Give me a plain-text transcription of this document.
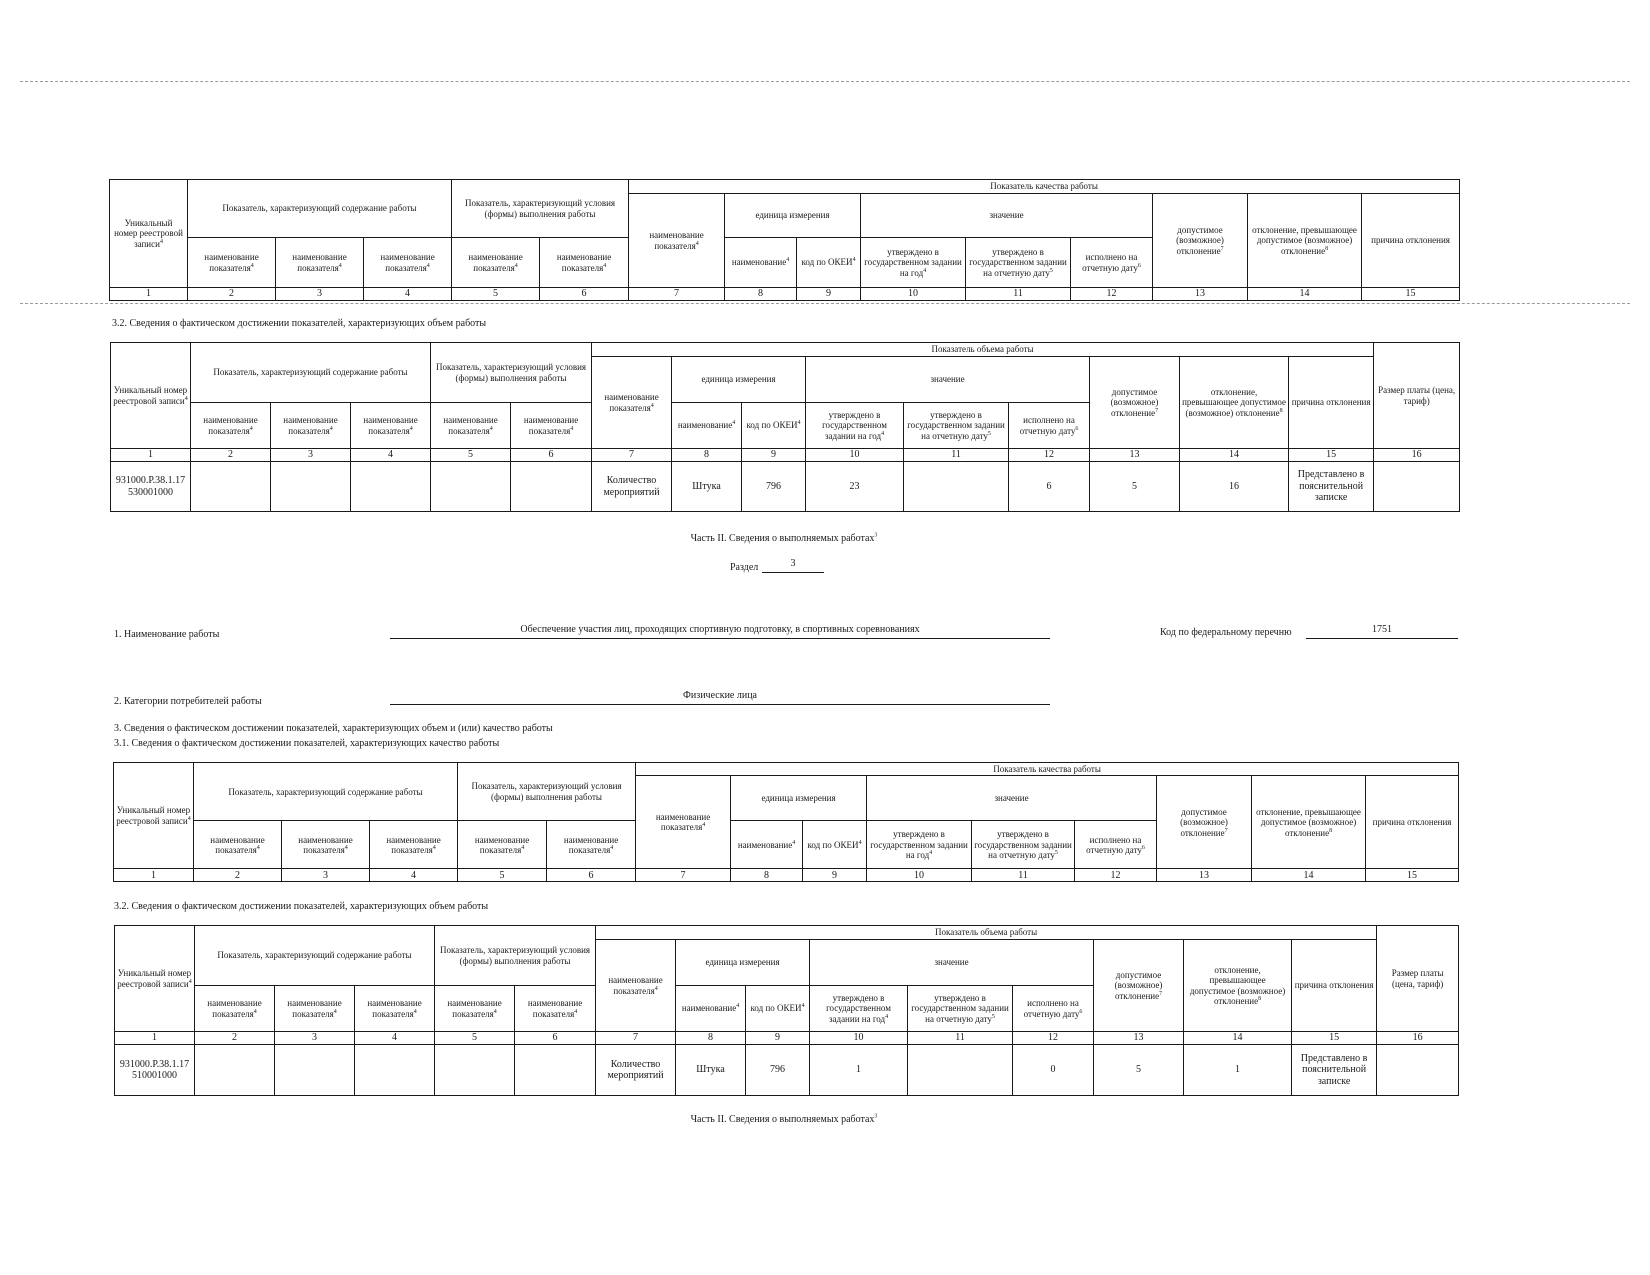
Уникальный номер реестровой записи$^4$	Показатель, характеризующий содержание работы			Показатель, характеризующий условия (формы) выполнения работы		Показатель качества работы								
						наименование показателя$^4$	единица измерения		значение			допустимое (возможное) отклонение$^7$	отклонение, превышающее допустимое (возможное) отклонение$^8$	причина отклонения
	наименование показателя$^4$	наименование показателя$^4$	наименование показателя$^4$	наименование показателя$^4$	наименование показателя$^4$		наименование$^4$	код по ОКЕИ$^4$	утверждено в государственном задании на год$^4$	утверждено в государственном задании на отчетную дату$^5$	исполнено на отчетную дату$^6$
1	2	3	4	5	6	7	8	9	10	11	12	13	14	15
3.2. Сведения о фактическом достижении показателей, характеризующих объем работы
Уникальный номер реестровой записи$^4$	Показатель, характеризующий содержание работы			Показатель, характеризующий условия (формы) выполнения работы		Показатель объема работы									Размер платы (цена, тариф)
						наименование показателя$^4$	единица измерения		значение			допустимое (возможное) отклонение$^7$	отклонение, превышающее допустимое (возможное) отклонение$^8$	причина отклонения	
	наименование показателя$^4$	наименование показателя$^4$	наименование показателя$^4$	наименование показателя$^4$	наименование показателя$^4$		наименование$^4$	код по ОКЕИ$^4$	утверждено в государственном задании на год$^4$	утверждено в государственном задании на отчетную дату$^5$	исполнено на отчетную дату$^6$
1	2	3	4	5	6	7	8	9	10	11	12	13	14	15	16
931000.Р.38.1.17 530001000						Количество мероприятий	Штука	796	23		6	5	16	Представлено в пояснительной записке	
Часть II. Сведения о выполняемых работах$^3$
Раздел	3
1. Наименование работы	Обеспечение участия лиц, проходящих спортивную подготовку, в спортивных соревнованиях	Код по федеральному перечню	1751
2. Категории потребителей работы
Физические лица
3. Сведения о фактическом достижении показателей, характеризующих объем и (или) качество работы
3.1. Сведения о фактическом достижении показателей, характеризующих качество работы
Уникальный номер реестровой записи$^4$	Показатель, характеризующий содержание работы			Показатель, характеризующий условия (формы) выполнения работы		Показатель качества работы								
						наименование показателя$^4$	единица измерения		значение			допустимое (возможное) отклонение$^7$	отклонение, превышающее допустимое (возможное) отклонение$^8$	причина отклонения
	наименование показателя$^4$	наименование показателя$^4$	наименование показателя$^4$	наименование показателя$^4$	наименование показателя$^4$		наименование$^4$	код по ОКЕИ$^4$	утверждено в государственном задании на год$^4$	утверждено в государственном задании на отчетную дату$^5$	исполнено на отчетную дату$^6$
1	2	3	4	5	6	7	8	9	10	11	12	13	14	15
3.2. Сведения о фактическом достижении показателей, характеризующих объем работы
Уникальный номер реестровой записи$^4$	Показатель, характеризующий содержание работы			Показатель, характеризующий условия (формы) выполнения работы		Показатель объема работы									Размер платы (цена, тариф)
						наименование показателя$^4$	единица измерения		значение			допустимое (возможное) отклонение$^7$	отклонение, превышающее допустимое (возможное) отклонение$^8$	причина отклонения	
	наименование показателя$^4$	наименование показателя$^4$	наименование показателя$^4$	наименование показателя$^4$	наименование показателя$^4$		наименование$^4$	код по ОКЕИ$^4$	утверждено в государственном задании на год$^4$	утверждено в государственном задании на отчетную дату$^5$	исполнено на отчетную дату$^6$
1	2	3	4	5	6	7	8	9	10	11	12	13	14	15	16
931000.Р.38.1.17 510001000						Количество мероприятий	Штука	796	1		0	5	1	Представлено в пояснительной записке	
Часть II. Сведения о выполняемых работах$^3$
